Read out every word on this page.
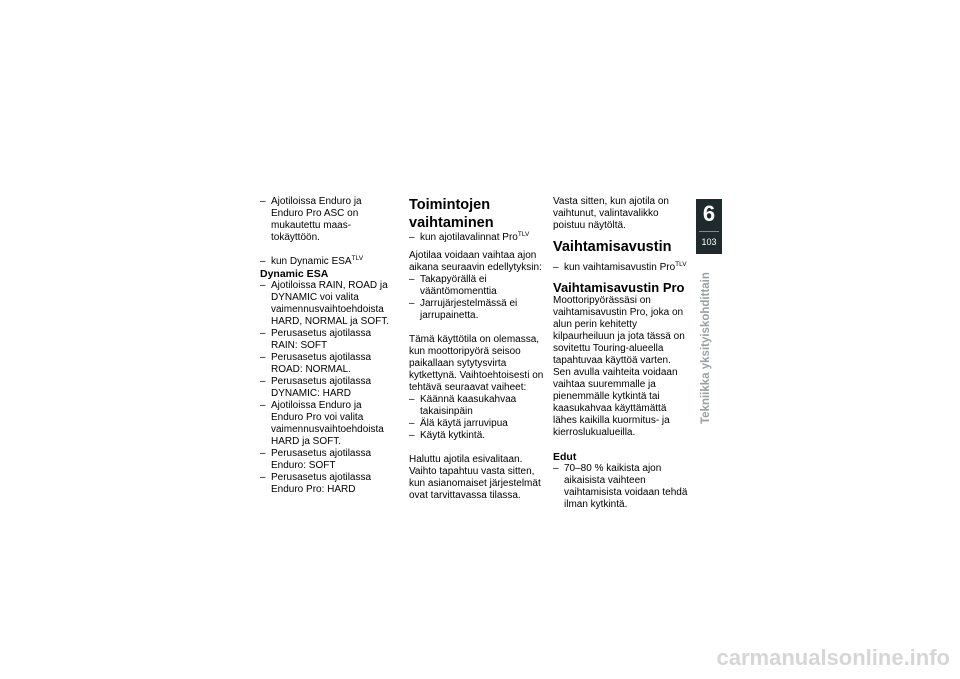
– Ajotiloissa Enduro ja Enduro Pro ASC on mukautettu maastokäyttöön.
– kun Dynamic $ESA^{TLV}$
Dynamic ESA
– Ajotiloissa RAIN, ROAD ja DYNAMIC voi valita vaimennusvaihtoehdoista HARD, NORMAL ja SOFT.
– Perusasetus ajotilassa RAIN: SOFT
– Perusasetus ajotilassa ROAD: NORMAL.
– Perusasetus ajotilassa DYNAMIC: HARD
– Ajotiloissa Enduro ja Enduro Pro voi valita vaimennusvaihtoehdoista HARD ja SOFT.
– Perusasetus ajotilassa Enduro: SOFT
– Perusasetus ajotilassa Enduro Pro: HARD
Toimintojen vaihtaminen
– kun ajotilavalinnat Pro$^{TLV}$
Ajotilaa voidaan vaihtaa ajon aikana seuraavin edellytyksin:
– Takapyörällä ei vääntömomenttia
– Jarrujärjestelmässä ei jarrupainetta.
Tämä käyttötila on olemassa, kun moottoripyörä seisoo paikallaan sytytysvirta kytkettynä. Vaihtoehtoisesti on tehtävä seuraavat vaiheet:
– Käännä kaasukahvaa takaisinpäin
– Älä käytä jarruvipua
– Käytä kytkintä.
Haluttu ajotila esivalitaan. Vaihto tapahtuu vasta sitten, kun asianomaiset järjestelmät ovat tarvittavassa tilassa.
Vasta sitten, kun ajotila on vaihtunut, valintavalikko poistuu näytöltä.
Vaihtamisavustin
– kun vaihtamisavustin Pro$^{TLV}$
Vaihtamisavustin Pro
Moottoripyörässäsi on vaihtamisavustin Pro, joka on alun perin kehitetty kilpaurheiluun ja jota tässä on sovitettu Touring-alueella tapahtuvaa käyttöä varten. Sen avulla vaihteita voidaan vaihtaa suuremmalle ja pienemmälle kytkintä tai kaasukahvaa käyttämättä lähes kaikilla kuormitus- ja kierroslukualueilla.
Edut
– 70–80 % kaikista ajon aikaisista vaihteen vaihtamisista voidaan tehdä ilman kytkintä.
6
103
Tekniikka yksityiskohdittain
carmanualsonline.info
